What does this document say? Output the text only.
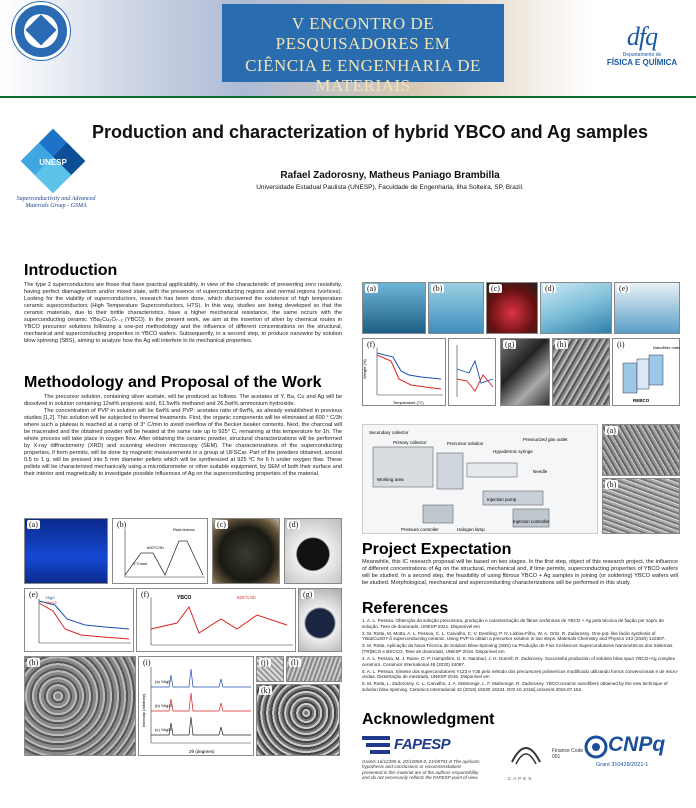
V ENCONTRO DE PESQUISADORES EM
CIÊNCIA E ENGENHARIA DE MATERIAIS
22 A 26 DE AGOSTO
dfq
Departamento de
FÍSICA E QUÍMICA
UNESP
Superconductivity and Advanced Materials Group - GSMA
Production and characterization of hybrid YBCO and Ag samples
Rafael Zadorosny, Matheus Paniago Brambilla
Universidade Estadual Paulista (UNESP), Faculdade de Engenharia, Ilha Solteira, SP, Brazil.
Introduction
The type 2 superconductors are those that have practical applicability, in view of the characteristic of presenting zero resistivity, having perfect diamagnetism and/or mixed state, with the presence of superconducting regions and normal regions (vortices). Looking for the viability of superconductors, research has been done, which discovered the existence of high temperature ceramic superconductors (High Temperature Superconductors, HTS). In this way, studies are being developed so that the ceramic materials, due to their brittle characteristics, have a higher mechanical resistance, the same occurs with the superconducting ceramic YBa₂Cu₃O₇₋ₓ (YBCO). In the present work, we aim at the insertion of silver by chemical routes in YBCO precursor solutions following a one-pot methodology and the influence of different concentrations on the structural, mechanical and superconducting properties in YBCO wafers. Subsequently, in a second step, to produce nanowire by solution blow spinning (SBS), aiming to analyze how the Ag will interfere in its mechanical properties.
Methodology and Proposal of the Work
The precursor solution, containing silver acetate, will be produced as follows. The acetates of Y, Ba, Cu and Ag will be dissolved in solution containing 12wt% propionic acid, 61.5wt% methanol and 26.5wt% ammonium hydroxide.
The concentration of PVP in solution will be 6wt% and PVP: acetates ratio of 6wt%, as already established in previous studies [1,2]. This solution will be subjected to thermal treatments. First, the organic components will be eliminated at 600 ° C/3h where such a plateau is reached at a ramp of 3° C/min to avoid overflow of the Becker beaker contents. Next, the charcoal will be macerated and the obtained powder will be heated at the same rate up to 925° C, remaining at this temperature for 1h. The whole process will take place in oxygen flow. After obtaining the ceramic powder, structural characterizations will be performed by X-ray diffractometry (XRD) and scanning electron microscopy (SEM). The characterizations of the superconducting properties, if form permits, will be done by magnetic measurements in a group at UFSCar. Part of the powders obtained, around 0.5 to 1 g, will be pressed into 5 mm diameter pellets which will be synthesized at 925 ºC for 6 h under oxygen flow. These pellets will be characterized mechanically using a microdurometer or other suitable equipment, by SEM of both their surface and their interior and magnetically to investigate possible influences of Ag on the superconducting properties of the material.
(a)	(b)	(c)	(d)	(e)
(f)
Weight (%)
Temperature (°C)
(g)	(h)	(i)	Nanofiber mats
REBCO
Secondary collector
Primary collector	Precursor solution
Hypodermic syringe
Pressurized gas outlet
Needle
Working area
Injection pump
Pressure controller	Halogen lamp
Injection controller
(a)
(b)
Project Expectation
Meanwhile, this IC research proposal will be based on two stages. In the first step, object of this research project, the influence of different concentrations of Ag on the structural, mechanical and, if time permits, superconducting properties of YBCO wafers will be studied. In a second step, the feasibility of using fibrous YBCO + Ag samples in joining (or soldering) YBCO wafers will be studied. Morphological, mechanical and superconducting characterizations will be performed in this study.
References
1. A. L. Pessoa, Obtenção da solução precursora, produção e caracterização de fibras cerâmicas de YBCO + Ag pela técnica de fiação por sopro de solução. Tese de doutorado, UNESP 2021. Disponível em
2. M. Rotta, M. Motta, A. L. Pessoa, C. L. Carvalho, C. V. Deimling, P. N. Lisboa-Filho, W. A. Ortiz, R. Zadorosny. One-pot- like facile synthesis of YBa2Cu3O7-δ superconducting ceramic. Using PVP to obtain a precursor solution in two steps. Materials Chemistry and Physics 243 (2020) 122607.
3. M. Rotta, Aplicação da Nova Técnica de Solution Blow-Spinning (SBS) na Produção de Fios Cerâmicos Supercondutores Nanométricos dos Sistemas (TR)BCO e BSCCO. Tese de doutorado, UNESP 2018. Disponível em
4. A. L. Pessoa, M. J. Raine, D. P. Hampshire, D. K. Namburi, J. H. Durrell, R. Zadorosny. Successful production of solution blow spun YBCO+Ag complex ceramics. Ceramics International 46 (2020) 24097.
5. A. L. Pessoa, Síntese dos supercondutores Y123 e Y35 pelo método dos precursores poliméricos modificado utilizando fornos convencionais e de micro-ondas. Dissertação de mestrado, UNESP 2016. Disponível em
6. M. Rotta, L. Zadorosny, C. L. Carvalho, J. A. Malmonge, L. F. Malmonge, R. Zadorosny. YBCO ceramic nanofibers obtained by the new technique of solution blow spinning. Ceramics International 42 (2016) 16230 16234. DOI 10.1016/j.ceramint.2016.07.152.
(a)	(b)
600°C/3h
1°C/min
Rota teórica
(c)	(d)
(e)	YAg0
YAg15
(f)	YBCO	925°C/1h	(g)
(h)	(i)
(a) YAg0
(b) YAg15
(c) YAg30
2θ (degrees)
Intensity (arbitrary)
(j)
(k)
(l)
Acknowledgment
FAPESP
Grants 16/12390-6, 20/10058-0, 21/08791-8 The opinions, hypothesis and conclusions or recommendations presented in this material are of the authors responsibility and do not necessarily reflects the FAPESP point of view.	CAPES
Finance Code 001
CNPq
Grant 310428/2021-1
